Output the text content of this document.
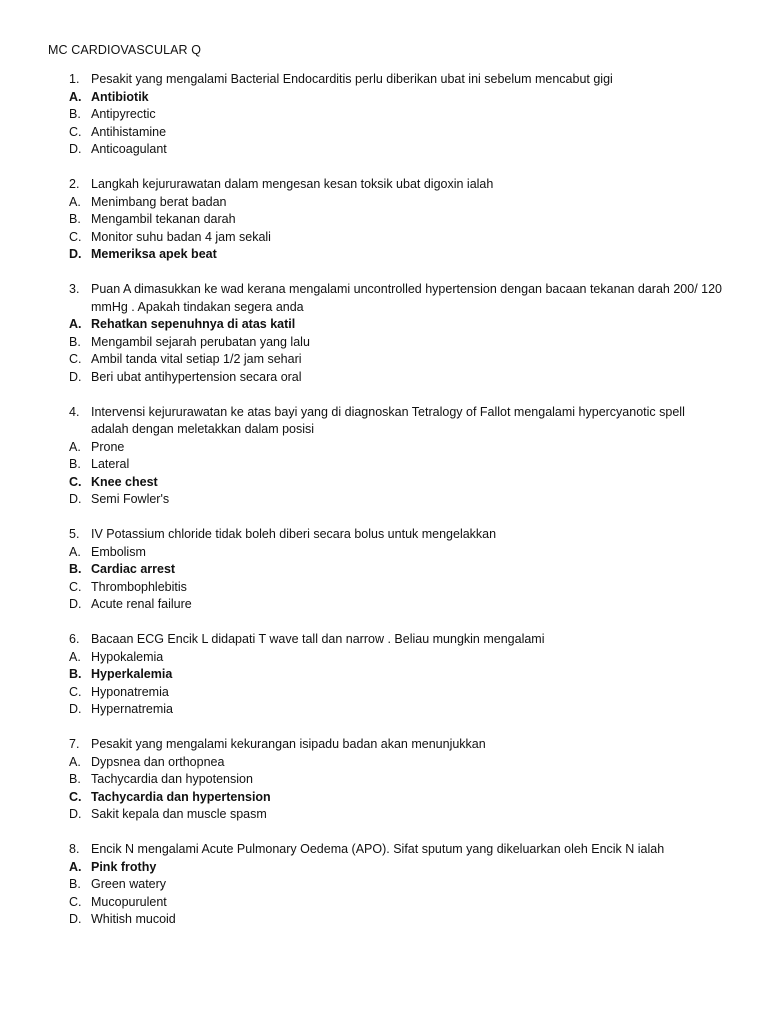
MC CARDIOVASCULAR Q
1. Pesakit yang mengalami Bacterial Endocarditis perlu diberikan ubat ini sebelum mencabut gigi
A. Antibiotik
B. Antipyrectic
C. Antihistamine
D. Anticoagulant
2. Langkah kejururawatan dalam mengesan kesan toksik ubat digoxin ialah
A. Menimbang berat badan
B. Mengambil tekanan darah
C. Monitor suhu badan 4 jam sekali
D. Memeriksa apek beat
3. Puan A dimasukkan ke wad kerana mengalami uncontrolled hypertension dengan bacaan tekanan darah 200/ 120 mmHg . Apakah tindakan segera anda
A. Rehatkan sepenuhnya di atas katil
B. Mengambil sejarah perubatan yang lalu
C. Ambil tanda vital setiap 1/2 jam sehari
D. Beri ubat antihypertension secara oral
4. Intervensi kejururawatan ke atas bayi yang di diagnoskan Tetralogy of Fallot mengalami hypercyanotic spell adalah dengan meletakkan dalam posisi
A. Prone
B. Lateral
C. Knee chest
D. Semi Fowler's
5. IV Potassium chloride tidak boleh diberi secara bolus untuk mengelakkan
A. Embolism
B. Cardiac arrest
C. Thrombophlebitis
D. Acute renal failure
6. Bacaan ECG Encik L didapati T wave tall dan narrow . Beliau mungkin mengalami
A. Hypokalemia
B. Hyperkalemia
C. Hyponatremia
D. Hypernatremia
7. Pesakit yang mengalami kekurangan isipadu badan akan menunjukkan
A. Dypsnea dan orthopnea
B. Tachycardia dan hypotension
C. Tachycardia dan hypertension
D. Sakit kepala dan muscle spasm
8. Encik N mengalami Acute Pulmonary Oedema (APO). Sifat sputum yang dikeluarkan oleh Encik N ialah
A. Pink frothy
B. Green watery
C. Mucopurulent
D. Whitish mucoid
